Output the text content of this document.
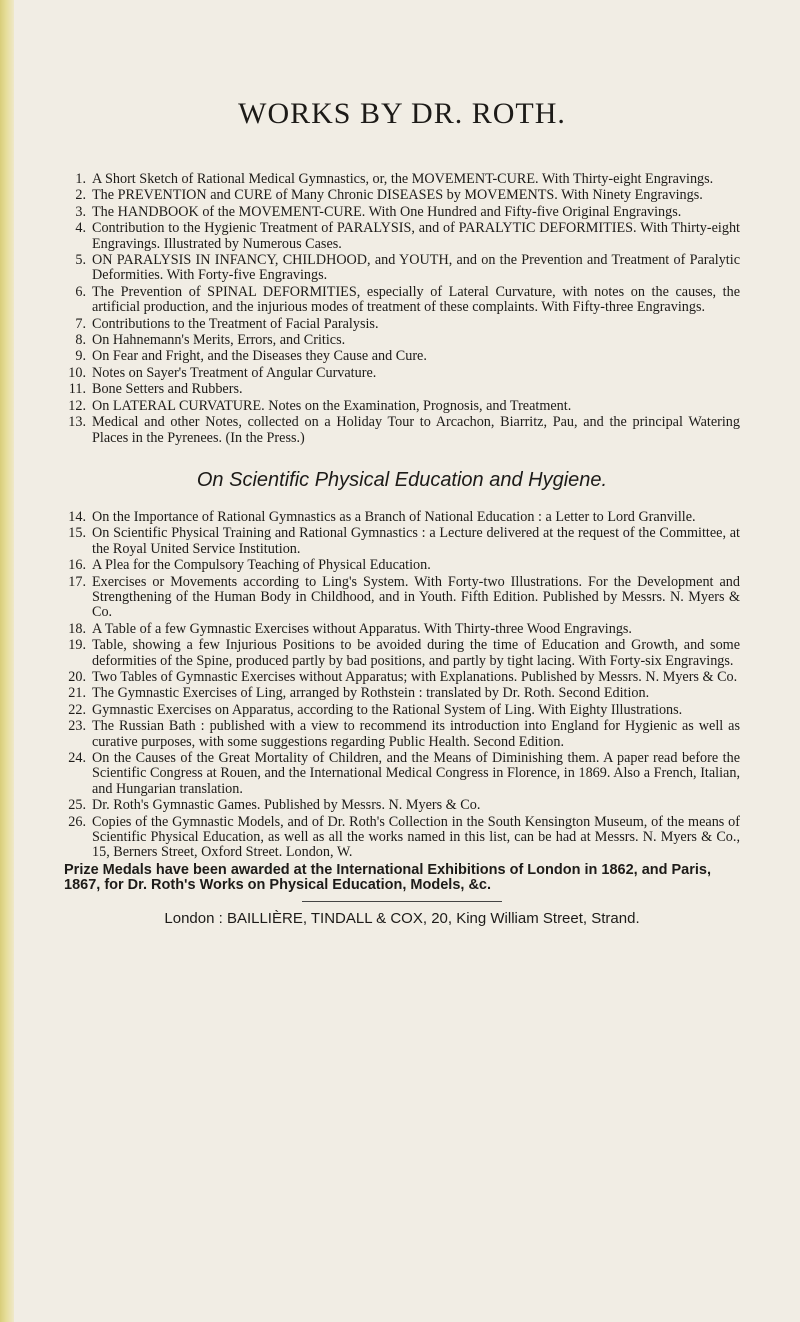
WORKS BY DR. ROTH.
1. A Short Sketch of Rational Medical Gymnastics, or, the MOVEMENT-CURE. With Thirty-eight Engravings.
2. The PREVENTION and CURE of Many Chronic DISEASES by MOVEMENTS. With Ninety Engravings.
3. The HANDBOOK of the MOVEMENT-CURE. With One Hundred and Fifty-five Original Engravings.
4. Contribution to the Hygienic Treatment of PARALYSIS, and of PARALYTIC DEFORMITIES. With Thirty-eight Engravings. Illustrated by Numerous Cases.
5. ON PARALYSIS IN INFANCY, CHILDHOOD, and YOUTH, and on the Prevention and Treatment of Paralytic Deformities. With Forty-five Engravings.
6. The Prevention of SPINAL DEFORMITIES, especially of Lateral Curvature, with notes on the causes, the artificial production, and the injurious modes of treatment of these complaints. With Fifty-three Engravings.
7. Contributions to the Treatment of Facial Paralysis.
8. On Hahnemann's Merits, Errors, and Critics.
9. On Fear and Fright, and the Diseases they Cause and Cure.
10. Notes on Sayer's Treatment of Angular Curvature.
11. Bone Setters and Rubbers.
12. On LATERAL CURVATURE. Notes on the Examination, Prognosis, and Treatment.
13. Medical and other Notes, collected on a Holiday Tour to Arcachon, Biarritz, Pau, and the principal Watering Places in the Pyrenees. (In the Press.)
On Scientific Physical Education and Hygiene.
14. On the Importance of Rational Gymnastics as a Branch of National Education : a Letter to Lord Granville.
15. On Scientific Physical Training and Rational Gymnastics : a Lecture delivered at the request of the Committee, at the Royal United Service Institution.
16. A Plea for the Compulsory Teaching of Physical Education.
17. Exercises or Movements according to Ling's System. With Forty-two Illustrations. For the Development and Strengthening of the Human Body in Childhood, and in Youth. Fifth Edition. Published by Messrs. N. Myers & Co.
18. A Table of a few Gymnastic Exercises without Apparatus. With Thirty-three Wood Engravings.
19. Table, showing a few Injurious Positions to be avoided during the time of Education and Growth, and some deformities of the Spine, produced partly by bad positions, and partly by tight lacing. With Forty-six Engravings.
20. Two Tables of Gymnastic Exercises without Apparatus; with Explanations. Published by Messrs. N. Myers & Co.
21. The Gymnastic Exercises of Ling, arranged by Rothstein : translated by Dr. Roth. Second Edition.
22. Gymnastic Exercises on Apparatus, according to the Rational System of Ling. With Eighty Illustrations.
23. The Russian Bath : published with a view to recommend its introduction into England for Hygienic as well as curative purposes, with some suggestions regarding Public Health. Second Edition.
24. On the Causes of the Great Mortality of Children, and the Means of Diminishing them. A paper read before the Scientific Congress at Rouen, and the International Medical Congress in Florence, in 1869. Also a French, Italian, and Hungarian translation.
25. Dr. Roth's Gymnastic Games. Published by Messrs. N. Myers & Co.
26. Copies of the Gymnastic Models, and of Dr. Roth's Collection in the South Kensington Museum, of the means of Scientific Physical Education, as well as all the works named in this list, can be had at Messrs. N. Myers & Co., 15, Berners Street, Oxford Street. London, W.
Prize Medals have been awarded at the International Exhibitions of London in 1862, and Paris, 1867, for Dr. Roth's Works on Physical Education, Models, &c.
London : BAILLIÈRE, TINDALL & COX, 20, King William Street, Strand.
